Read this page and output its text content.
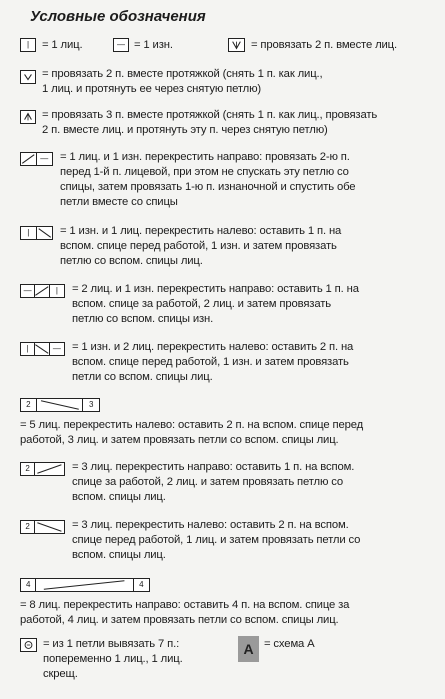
Условные обозначения
|	= 1 лиц.	— = 1 изн.	= провязать 2 п. вместе лиц.
= провязать 2 п. вместе протяжкой (снять 1 п. как лиц.,
1 лиц. и протянуть ее через снятую петлю)
= провязать 3 п. вместе протяжкой (снять 1 п. как лиц., провязать
2 п. вместе лиц. и протянуть эту п. через снятую петлю)
—	= 1 лиц. и 1 изн. перекрестить направо: провязать 2-ю п.
перед 1-й п. лицевой, при этом не спускать эту петлю со
спицы, затем провязать 1-ю п. изнаночной и спустить обе
петли вместе со спицы
|	= 1 изн. и 1 лиц. перекрестить налево: оставить 1 п. на
вспом. спице перед работой, 1 изн. и затем провязать
петлю со вспом. спицы лиц.
—	|	= 2 лиц. и 1 изн. перекрестить направо: оставить 1 п. на
вспом. спице за работой, 2 лиц. и затем провязать
петлю со вспом. спицы изн.
|	— = 1 изн. и 2 лиц. перекрестить налево: оставить 2 п. на
вспом. спице перед работой, 1 изн. и затем провязать
петли со вспом. спицы лиц.
2	3
= 5 лиц. перекрестить налево: оставить 2 п. на вспом. спице перед
работой, 3 лиц. и затем провязать петли со вспом. спицы лиц.
2	= 3 лиц. перекрестить направо: оставить 1 п. на вспом.
спице за работой, 2 лиц. и затем провязать петлю со
вспом. спицы лиц.
2	= 3 лиц. перекрестить налево: оставить 2 п. на вспом.
спице перед работой, 1 лиц. и затем провязать петли со
вспом. спицы лиц.
4	4
= 8 лиц. перекрестить направо: оставить 4 п. на вспом. спице за
работой, 4 лиц. и затем провязать петли со вспом. спицы лиц.
= из 1 петли вывязать 7 п.:
попеременно 1 лиц., 1 лиц.
скрещ.
A = схема А
